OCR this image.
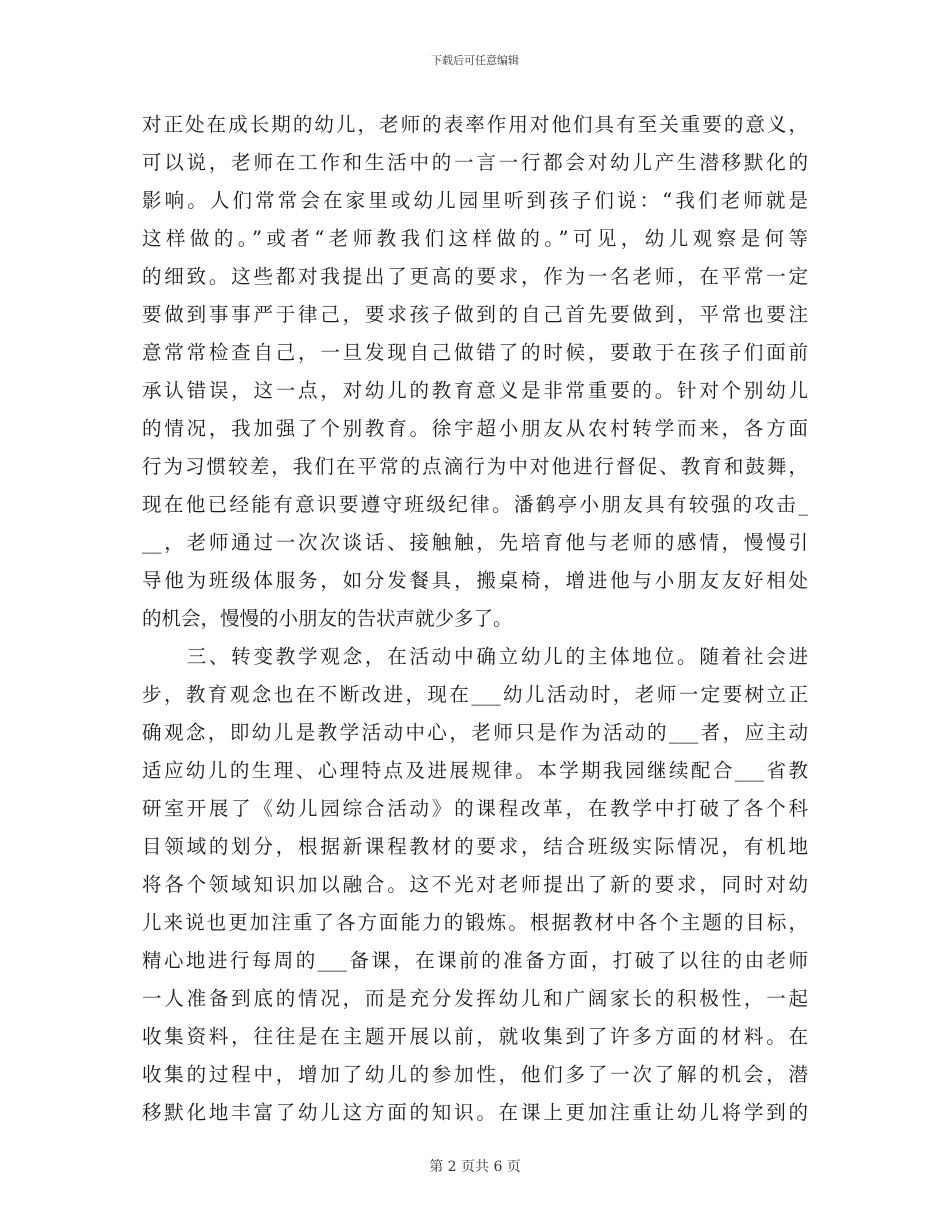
下载后可任意编辑
对正处在成长期的幼儿，老师的表率作用对他们具有至关重要的意义，
可以说，老师在工作和生活中的一言一行都会对幼儿产生潜移默化的
影响。人们常常会在家里或幼儿园里听到孩子们说：“我们老师就是
这样做的。”或者“老师教我们这样做的。”可见，幼儿观察是何等
的细致。这些都对我提出了更高的要求，作为一名老师，在平常一定
要做到事事严于律己，要求孩子做到的自己首先要做到，平常也要注
意常常检查自己，一旦发现自己做错了的时候，要敢于在孩子们面前
承认错误，这一点，对幼儿的教育意义是非常重要的。针对个别幼儿
的情况，我加强了个别教育。徐宇超小朋友从农村转学而来，各方面
行为习惯较差，我们在平常的点滴行为中对他进行督促、教育和鼓舞，
现在他已经能有意识要遵守班级纪律。潘鹤亭小朋友具有较强的攻击_
__，老师通过一次次谈话、接触触，先培育他与老师的感情，慢慢引
导他为班级体服务，如分发餐具，搬桌椅，增进他与小朋友友好相处
的机会，慢慢的小朋友的告状声就少多了。
　　三、转变教学观念，在活动中确立幼儿的主体地位。随着社会进
步，教育观念也在不断改进，现在___幼儿活动时，老师一定要树立正
确观念，即幼儿是教学活动中心，老师只是作为活动的___者，应主动
适应幼儿的生理、心理特点及进展规律。本学期我园继续配合___省教
研室开展了《幼儿园综合活动》的课程改革，在教学中打破了各个科
目领域的划分，根据新课程教材的要求，结合班级实际情况，有机地
将各个领域知识加以融合。这不光对老师提出了新的要求，同时对幼
儿来说也更加注重了各方面能力的锻炼。根据教材中各个主题的目标，
精心地进行每周的___备课，在课前的准备方面，打破了以往的由老师
一人准备到底的情况，而是充分发挥幼儿和广阔家长的积极性，一起
收集资料，往往是在主题开展以前，就收集到了许多方面的材料。在
收集的过程中，增加了幼儿的参加性，他们多了一次了解的机会，潜
移默化地丰富了幼儿这方面的知识。在课上更加注重让幼儿将学到的
第 2 页共 6 页
